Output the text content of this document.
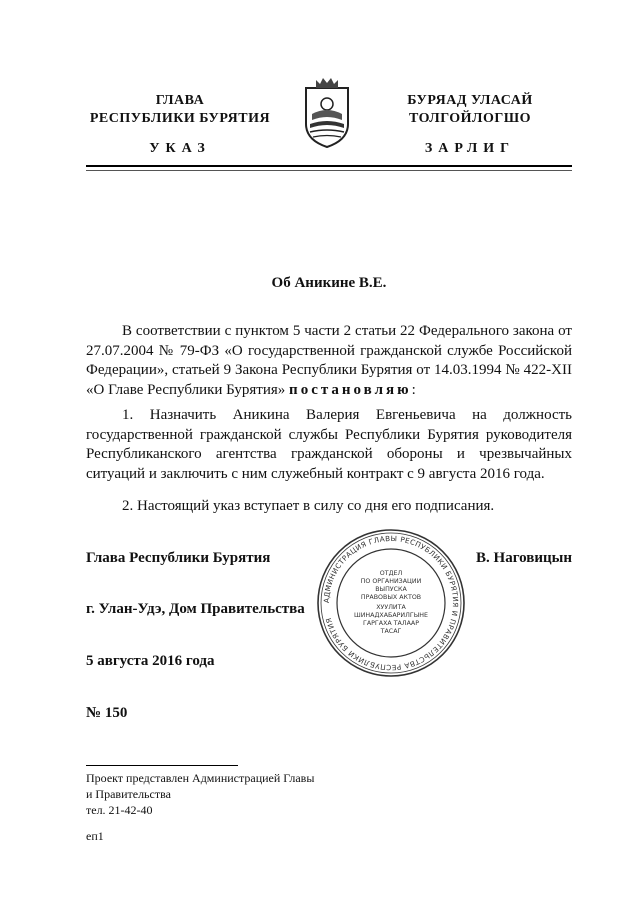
ГЛАВА
РЕСПУБЛИКИ БУРЯТИЯ
УКАЗ
БУРЯАД УЛАСАЙ
ТОЛГОЙЛОГШО
ЗАРЛИГ
Об Аникине В.Е.
В соответствии с пунктом 5 части 2 статьи 22 Федерального закона от 27.07.2004 № 79-ФЗ «О государственной гражданской службе Российской Федерации», статьей 9 Закона Республики Бурятия от 14.03.1994 № 422-XII «О Главе Республики Бурятия» постановляю:
1. Назначить Аникина Валерия Евгеньевича на должность государственной гражданской службы Республики Бурятия руководителя Республиканского агентства гражданской обороны и чрезвычайных ситуаций и заключить с ним служебный контракт с 9 августа 2016 года.
2. Настоящий указ вступает в силу со дня его подписания.
Глава Республики Бурятия	В. Наговицын
г. Улан-Удэ, Дом Правительства
5 августа 2016 года
№ 150
АДМИНИСТРАЦИЯ ГЛАВЫ РЕСПУБЛИКИ БУРЯТИЯ И ПРАВИТЕЛЬСТВА РЕСПУБЛИКИ БУРЯТИЯ
ОТДЕЛ
ПО ОРГАНИЗАЦИИ
ВЫПУСКА
ПРАВОВЫХ АКТОВ
ХУУЛИТА
ШИНАДХАБАРИЛГЫНЕ
ГАРГАХА ТАЛААР
ТАСАГ
Проект представлен Администрацией Главы
и Правительства
тел. 21-42-40
еп1
